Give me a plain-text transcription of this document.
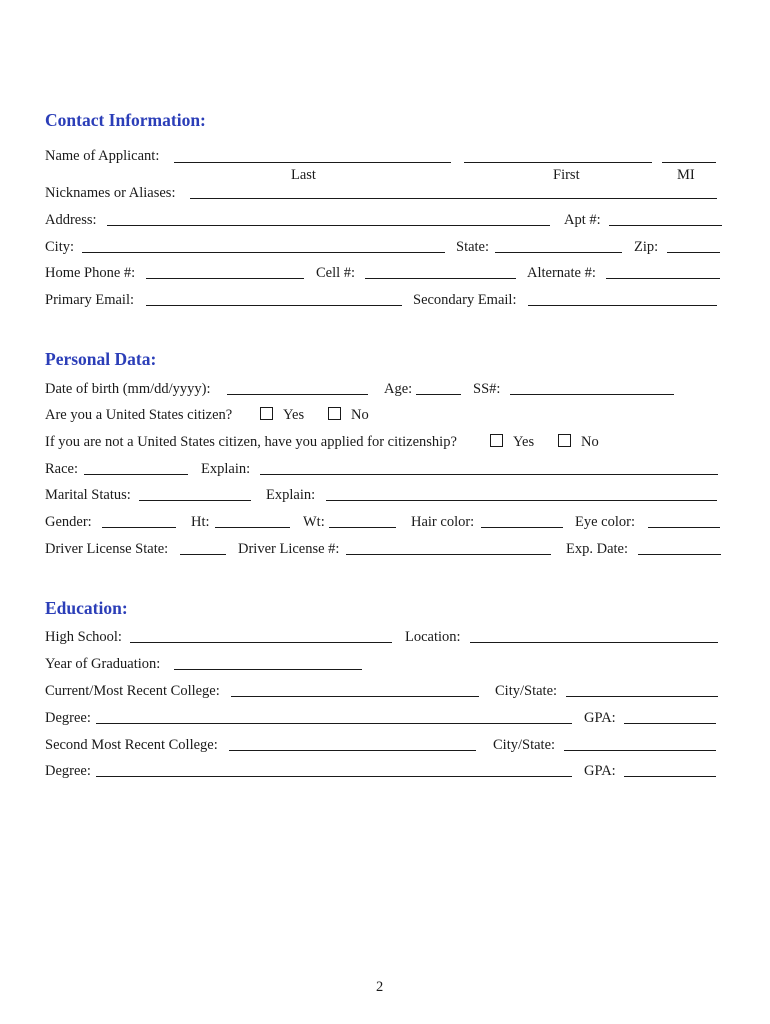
Contact Information:
Name of Applicant:
Last	First	MI
Nicknames or Aliases:
Address:	Apt #:
City:	State:	Zip:
Home Phone #:	Cell #:	Alternate #:
Primary Email:	Secondary Email:
Personal Data:
Date of birth (mm/dd/yyyy):	Age:	SS#:
Are you a United States citizen?	Yes	No
If you are not a United States citizen, have you applied for citizenship?	Yes	No
Race:	Explain:
Marital Status:	Explain:
Gender:	Ht:	Wt:	Hair color:	Eye color:
Driver License State:	Driver License #:	Exp. Date:
Education:
High School:	Location:
Year of Graduation:
Current/Most Recent College:	City/State:
Degree:	GPA:
Second Most Recent College:	City/State:
Degree:	GPA:
2
